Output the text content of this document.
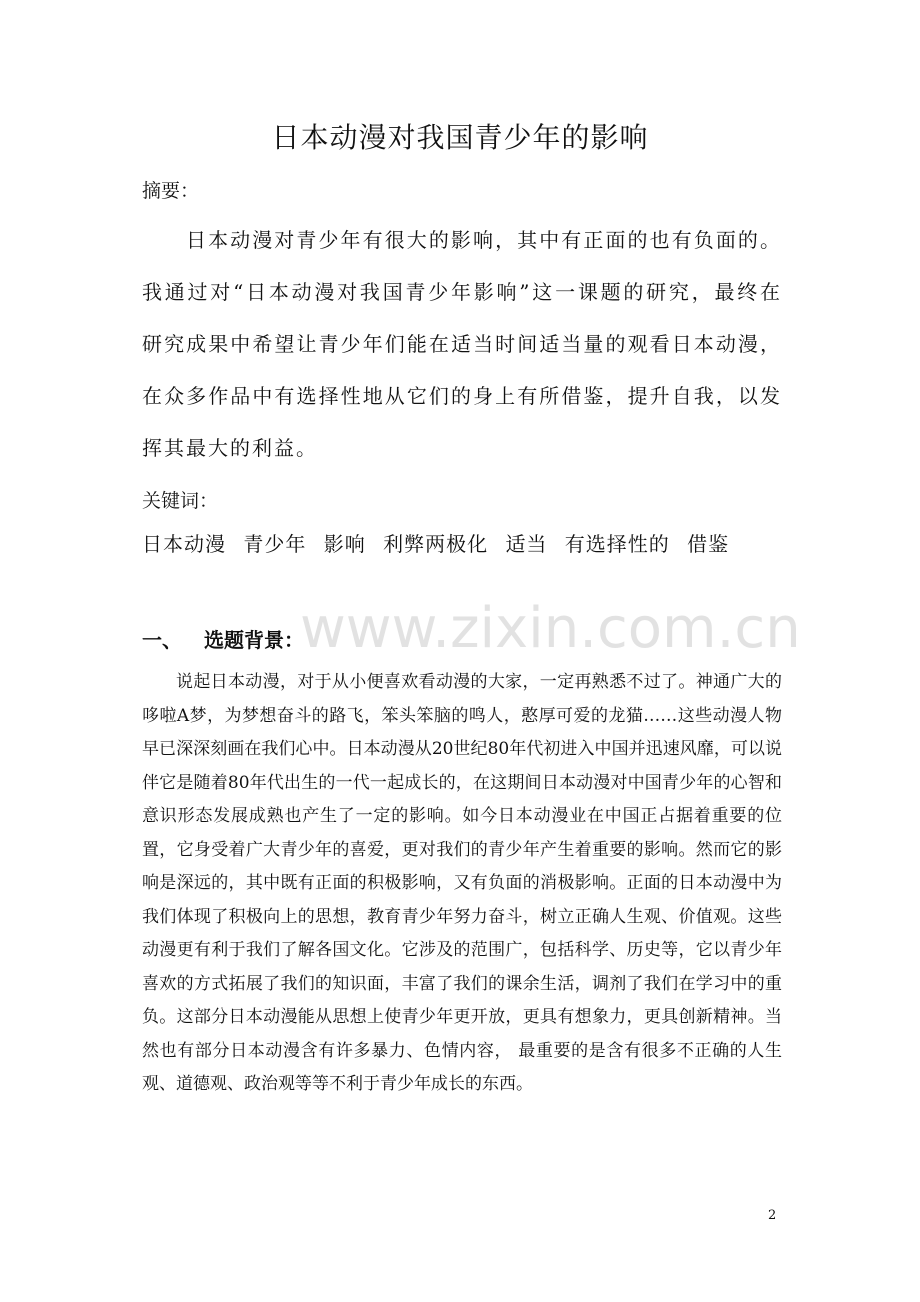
日本动漫对我国青少年的影响
摘要：
日本动漫对青少年有很大的影响，其中有正面的也有负面的。我通过对“日本动漫对我国青少年影响”这一课题的研究，最终在研究成果中希望让青少年们能在适当时间适当量的观看日本动漫，在众多作品中有选择性地从它们的身上有所借鉴，提升自我，以发挥其最大的利益。
关键词：
日本动漫 青少年 影响 利弊两极化 适当 有选择性的 借鉴
www.zixin.com.cn
一、 选题背景：
说起日本动漫，对于从小便喜欢看动漫的大家，一定再熟悉不过了。神通广大的哆啦A梦，为梦想奋斗的路飞，笨头笨脑的鸣人，憨厚可爱的龙猫……这些动漫人物早已深深刻画在我们心中。日本动漫从20世纪80年代初进入中国并迅速风靡，可以说伴它是随着80年代出生的一代一起成长的，在这期间日本动漫对中国青少年的心智和意识形态发展成熟也产生了一定的影响。如今日本动漫业在中国正占据着重要的位置，它身受着广大青少年的喜爱，更对我们的青少年产生着重要的影响。然而它的影响是深远的，其中既有正面的积极影响，又有负面的消极影响。正面的日本动漫中为我们体现了积极向上的思想，教育青少年努力奋斗，树立正确人生观、价值观。这些动漫更有利于我们了解各国文化。它涉及的范围广，包括科学、历史等，它以青少年喜欢的方式拓展了我们的知识面，丰富了我们的课余生活，调剂了我们在学习中的重负。这部分日本动漫能从思想上使青少年更开放，更具有想象力，更具创新精神。当然也有部分日本动漫含有许多暴力、色情内容， 最重要的是含有很多不正确的人生观、道德观、政治观等等不利于青少年成长的东西。
2
